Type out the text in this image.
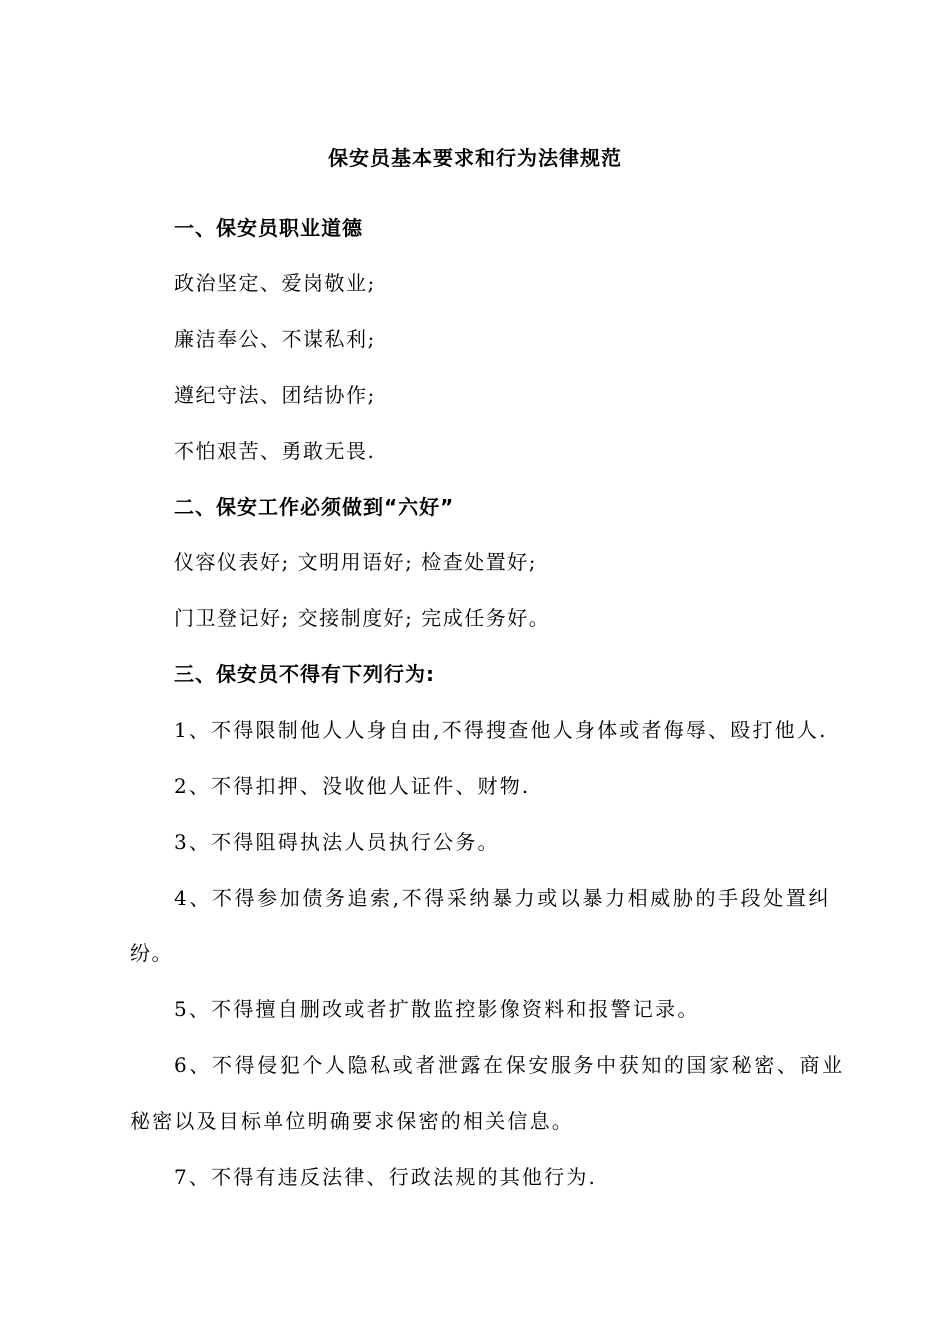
保安员基本要求和行为法律规范
一、保安员职业道德
政治坚定、爱岗敬业;
廉洁奉公、不谋私利;
遵纪守法、团结协作;
不怕艰苦、勇敢无畏.
二、保安工作必须做到“六好”
仪容仪表好; 文明用语好; 检查处置好;
门卫登记好; 交接制度好; 完成任务好。
三、保安员不得有下列行为:
1、不得限制他人人身自由,不得搜查他人身体或者侮辱、殴打他人.
2、不得扣押、没收他人证件、财物.
3、不得阻碍执法人员执行公务。
4、不得参加债务追索,不得采纳暴力或以暴力相威胁的手段处置纠
纷。
5、不得擅自删改或者扩散监控影像资料和报警记录。
6、不得侵犯个人隐私或者泄露在保安服务中获知的国家秘密、商业
秘密以及目标单位明确要求保密的相关信息。
7、不得有违反法律、行政法规的其他行为.
